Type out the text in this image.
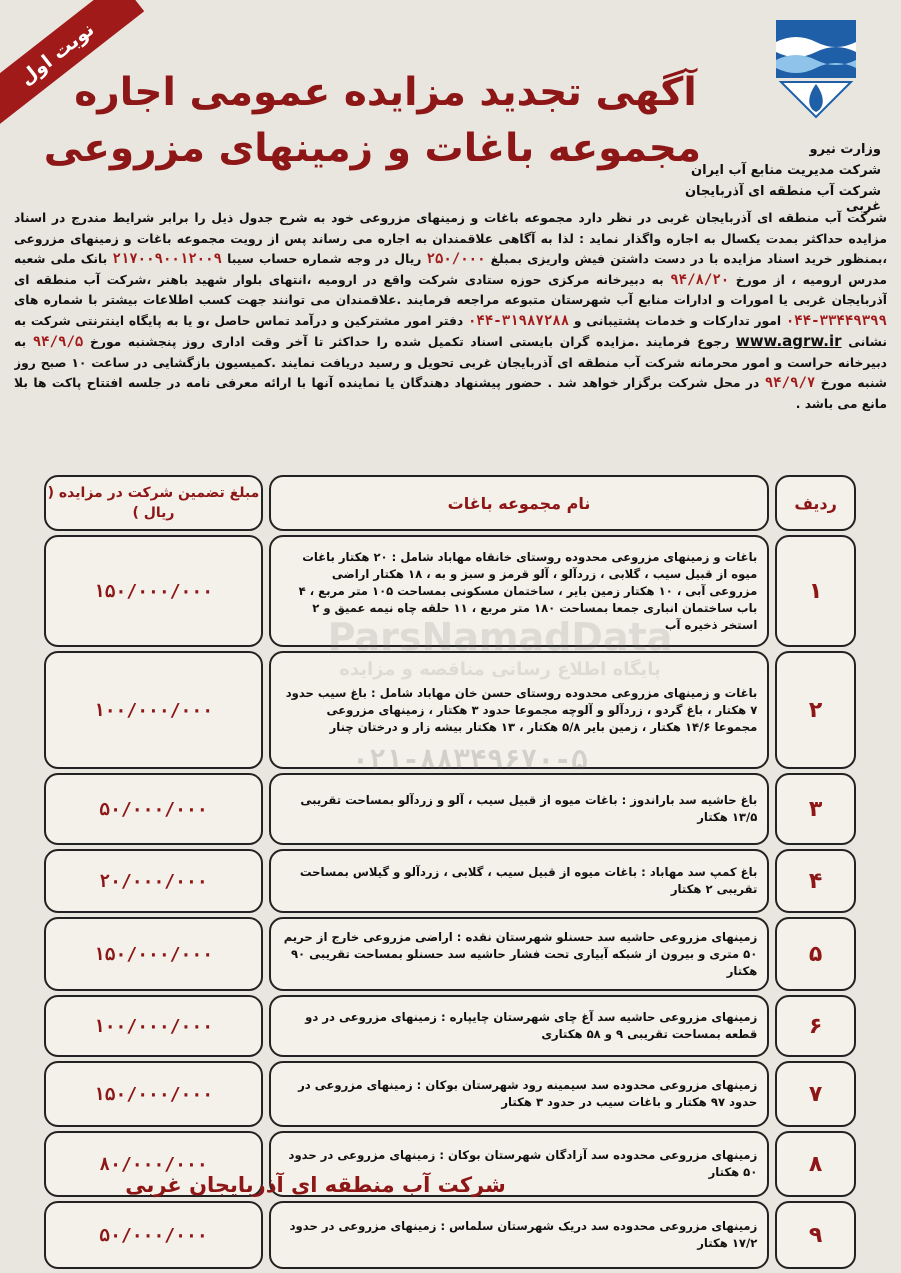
نوبت اول
آگهی تجدید مزایده عمومی اجاره
مجموعه باغات و زمینهای مزروعی	وزارت نیرو
شرکت مدیریت منابع آب ایران
شرکت آب منطقه ای آذربایجان غربی
شرکت آب منطقه ای آذربایجان غربی در نظر دارد مجموعه باغات و زمینهای مزروعی خود به شرح جدول ذیل را برابر شرایط مندرج در اسناد مزایده حداکثر بمدت یکسال به اجاره واگذار نماید : لذا به آگاهی علاقمندان به اجاره می رساند پس از رویت مجموعه باغات و زمینهای مزروعی ،بمنظور خرید اسناد مزایده با در دست داشتن فیش واریزی بمبلغ ۲۵۰/۰۰۰ ریال در وجه شماره حساب سیبا ۲۱۷۰۰۹۰۰۱۲۰۰۹ بانک ملی شعبه مدرس ارومیه ، از مورخ ۹۴/۸/۲۰ به دبیرخانه مرکزی حوزه ستادی شرکت واقع در ارومیه ،انتهای بلوار شهید باهنر ،شرکت آب منطقه ای آذربایجان غربی یا امورات و ادارات منابع آب شهرستان متبوعه مراجعه فرمایند .علاقمندان می توانند جهت کسب اطلاعات بیشتر با شماره های ۰۴۴-۳۳۴۴۹۳۹۹ امور تدارکات و خدمات پشتیبانی و ۰۴۴-۳۱۹۸۷۲۸۸ دفتر امور مشترکین و درآمد تماس حاصل ،و یا به پایگاه اینترنتی شرکت به نشانی www.agrw.ir رجوع فرمایند .مزایده گران بایستی اسناد تکمیل شده را حداکثر تا آخر وقت اداری روز پنجشنبه مورخ ۹۴/۹/۵ به دبیرخانه حراست و امور محرمانه شرکت آب منطقه ای آذربایجان غربی تحویل و رسید دریافت نمایند .کمیسیون بازگشایی در ساعت ۱۰ صبح روز شنبه مورخ ۹۴/۹/۷ در محل شرکت برگزار خواهد شد . حضور پیشنهاد دهندگان یا نماینده آنها با ارائه معرفی نامه در جلسه افتتاح پاکت ها بلا مانع می باشد .
ردیف		نام مجموعه باغات		مبلغ تضمین شرکت در مزایده ( ریال )
۱		باغات و زمینهای مزروعی محدوده روستای خانقاه مهاباد شامل : ۲۰ هکتار باغات میوه از قبیل سیب ، گلابی ، زردآلو ، آلو قرمز و سبز و به ، ۱۸ هکتار اراضی مزروعی آبی ، ۱۰ هکتار زمین بایر ، ساختمان مسکونی بمساحت ۱۰۵ متر مربع ، ۴ باب ساختمان انباری جمعا بمساحت ۱۸۰ متر مربع ، ۱۱ حلقه چاه نیمه عمیق و ۲ استخر ذخیره آب		۱۵۰/۰۰۰/۰۰۰
۲		باغات و زمینهای مزروعی محدوده روستای حسن خان مهاباد شامل : باغ سیب حدود ۷ هکتار ، باغ گردو ، زردآلو و آلوچه مجموعا حدود ۳ هکتار ، زمینهای مزروعی مجموعا ۱۴/۶ هکتار ، زمین بایر ۵/۸ هکتار ، ۱۳ هکتار بیشه زار و درختان چنار		۱۰۰/۰۰۰/۰۰۰
۳		باغ حاشیه سد باراندوز : باغات میوه از قبیل سیب ، آلو و زردآلو بمساحت تقریبی ۱۳/۵ هکتار		۵۰/۰۰۰/۰۰۰
۴		باغ کمپ سد مهاباد : باغات میوه از قبیل سیب ، گلابی ، زردآلو و گیلاس بمساحت تقریبی ۲ هکتار		۲۰/۰۰۰/۰۰۰
۵		زمینهای مزروعی حاشیه سد حسنلو شهرستان نقده : اراضی مزروعی خارج از حریم ۵۰ متری و بیرون از شبکه آبیاری تحت فشار حاشیه سد حسنلو بمساحت تقریبی ۹۰ هکتار		۱۵۰/۰۰۰/۰۰۰
۶		زمینهای مزروعی حاشیه سد آغ چای شهرستان چایپاره : زمینهای مزروعی در دو قطعه بمساحت تقریبی ۹ و ۵۸ هکتاری		۱۰۰/۰۰۰/۰۰۰
۷		زمینهای مزروعی محدوده سد سیمینه رود شهرستان بوکان : زمینهای مزروعی در حدود ۹۷ هکتار و باغات سیب در حدود ۳ هکتار		۱۵۰/۰۰۰/۰۰۰
۸		زمینهای مزروعی محدوده سد آزادگان شهرستان بوکان : زمینهای مزروعی در حدود ۵۰ هکتار		۸۰/۰۰۰/۰۰۰
۹		زمینهای مزروعی محدوده سد دریک شهرستان سلماس : زمینهای مزروعی در حدود ۱۷/۲ هکتار		۵۰/۰۰۰/۰۰۰
۰۲۱-۸۸۳۴۹۶۷۰-۵
شرکت آب منطقه ای آذربایجان غربی
